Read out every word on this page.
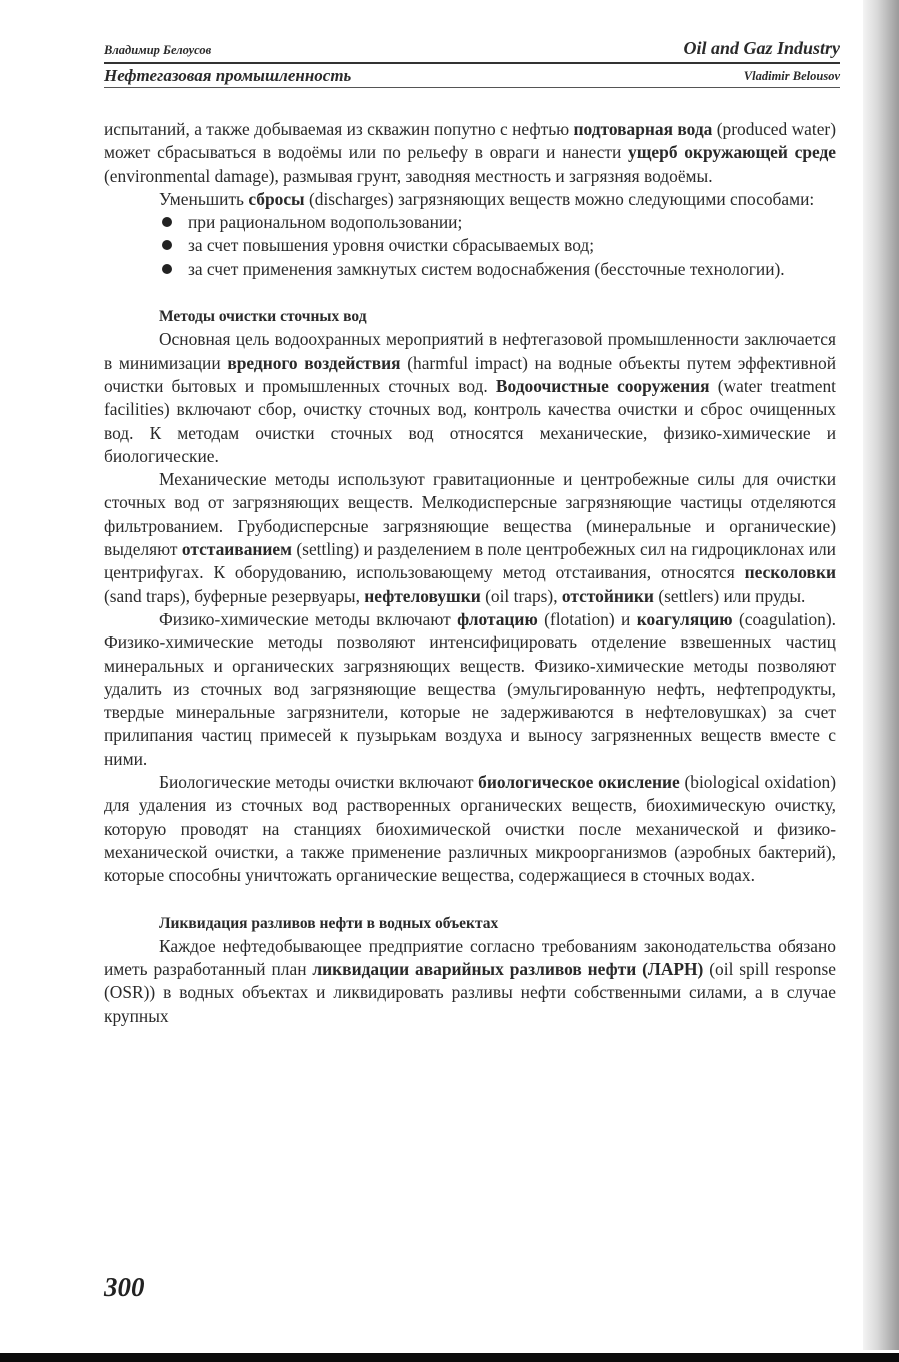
Владимир Белоусов	Oil and Gaz Industry
Нефтегазовая промышленность	Vladimir Belousov

испытаний, а также добываемая из скважин попутно с нефтью подтоварная вода (produced water) может сбрасываться в водоёмы или по рельефу в овраги и нанести ущерб окружающей среде (environmental damage), размывая грунт, заводняя местность и загрязняя водоёмы.

Уменьшить сбросы (discharges) загрязняющих веществ можно следующими способами:

при рациональном водопользовании;
за счет повышения уровня очистки сбрасываемых вод;
за счет применения замкнутых систем водоснабжения (бессточные технологии).
Методы очистки сточных вод

Основная цель водоохранных мероприятий в нефтегазовой промышленности заключается в минимизации вредного воздействия (harmful impact) на водные объекты путем эффективной очистки бытовых и промышленных сточных вод. Водоочистные сооружения (water treatment facilities) включают сбор, очистку сточных вод, контроль качества очистки и сброс очищенных вод. К методам очистки сточных вод относятся механические, физико-химические и биологические.

Механические методы используют гравитационные и центробежные силы для очистки сточных вод от загрязняющих веществ. Мелкодисперсные загрязняющие частицы отделяются фильтрованием. Грубодисперсные загрязняющие вещества (минеральные и органические) выделяют отстаиванием (settling) и разделением в поле центробежных сил на гидроциклонах или центрифугах. К оборудованию, использовающему метод отстаивания, относятся песколовки (sand traps), буферные резервуары, нефтеловушки (oil traps), отстойники (settlers) или пруды.

Физико-химические методы включают флотацию (flotation) и коагуляцию (coagulation). Физико-химические методы позволяют интенсифицировать отделение взвешенных частиц минеральных и органических загрязняющих веществ. Физико-химические методы позволяют удалить из сточных вод загрязняющие вещества (эмульгированную нефть, нефтепродукты, твердые минеральные загрязнители, которые не задерживаются в нефтеловушках) за счет прилипания частиц примесей к пузырькам воздуха и выносу загрязненных веществ вместе с ними.

Биологические методы очистки включают биологическое окисление (biological oxidation) для удаления из сточных вод растворенных органических веществ, биохимическую очистку, которую проводят на станциях биохимической очистки после механической и физико-механической очистки, а также применение различных микроорганизмов (аэробных бактерий), которые способны уничтожать органические вещества, содержащиеся в сточных водах.

Ликвидация разливов нефти в водных объектах

Каждое нефтедобывающее предприятие согласно требованиям законодательства обязано иметь разработанный план ликвидации аварийных разливов нефти (ЛАРН) (oil spill response (OSR)) в водных объектах и ликвидировать разливы нефти собственными силами, а в случае крупных

300
